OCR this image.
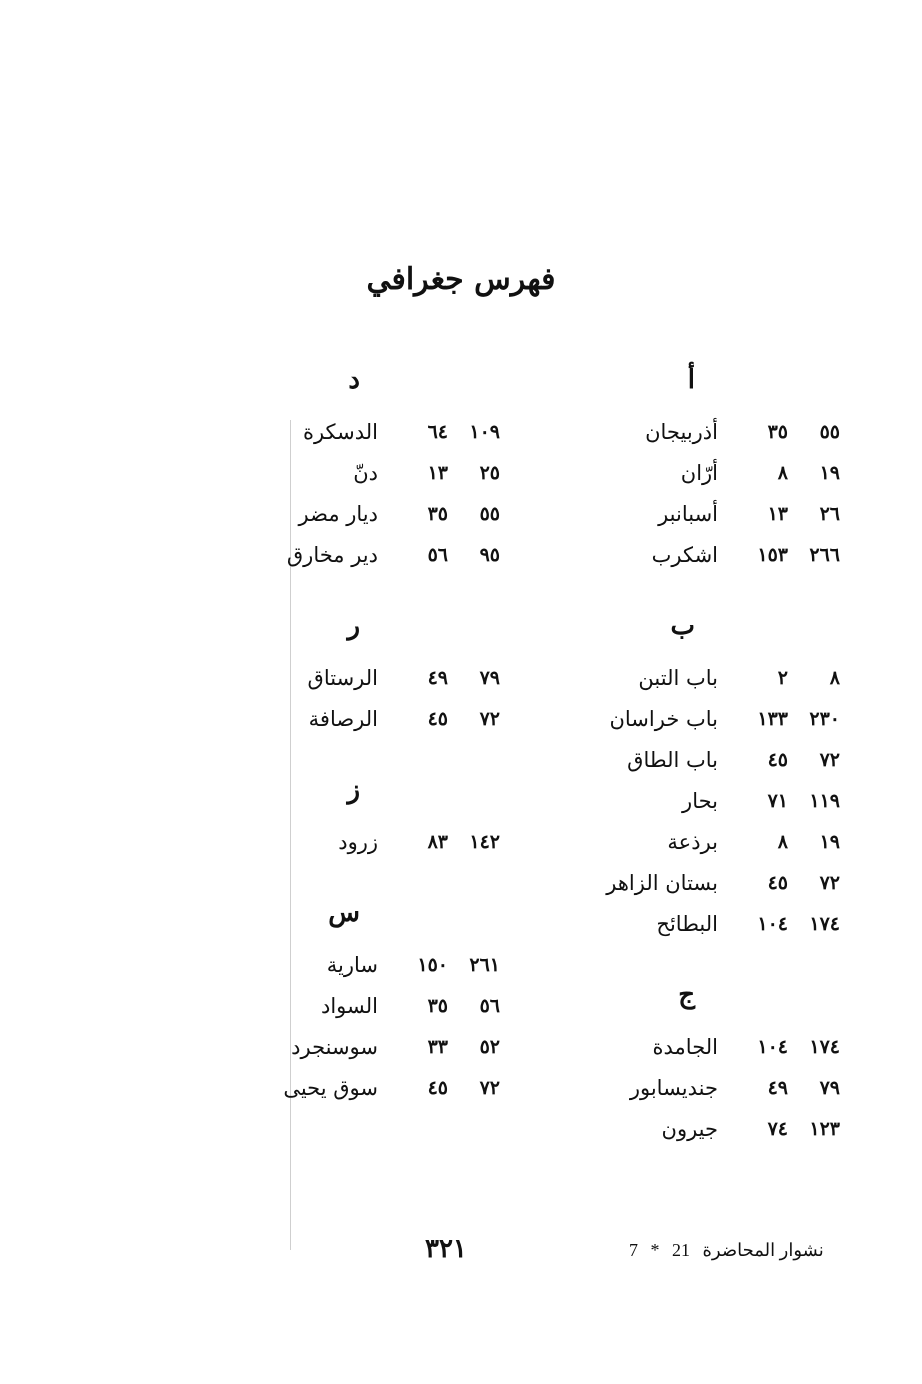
فهرس جغرافي
أ
٥٥
٣٥
أذربيجان
١٩
٨
أرّان
٢٦
١٣
أسبانبر
٢٦٦
١٥٣
اشكرب
ب
٨
٢
باب التبن
٢٣٠
١٣٣
باب خراسان
٧٢
٤٥
باب الطاق
١١٩
٧١
بحار
١٩
٨
برذعة
٧٢
٤٥
بستان الزاهر
١٧٤
١٠٤
البطائح
ج
١٧٤
١٠٤
الجامدة
٧٩
٤٩
جنديسابور
١٢٣
٧٤
جيرون
د
١٠٩
٦٤
الدسكرة
٢٥
١٣
دنّ
٥٥
٣٥
ديار مضر
٩٥
٥٦
دير مخارق
ر
٧٩
٤٩
الرستاق
٧٢
٤٥
الرصافة
ز
١٤٢
٨٣
زرود
س
٢٦١
١٥٠
سارية
٥٦
٣٥
السواد
٥٢
٣٣
سوسنجرد
٧٢
٤٥
سوق يحيى
٣٢١	7 * نشوار المحاضرة 21
